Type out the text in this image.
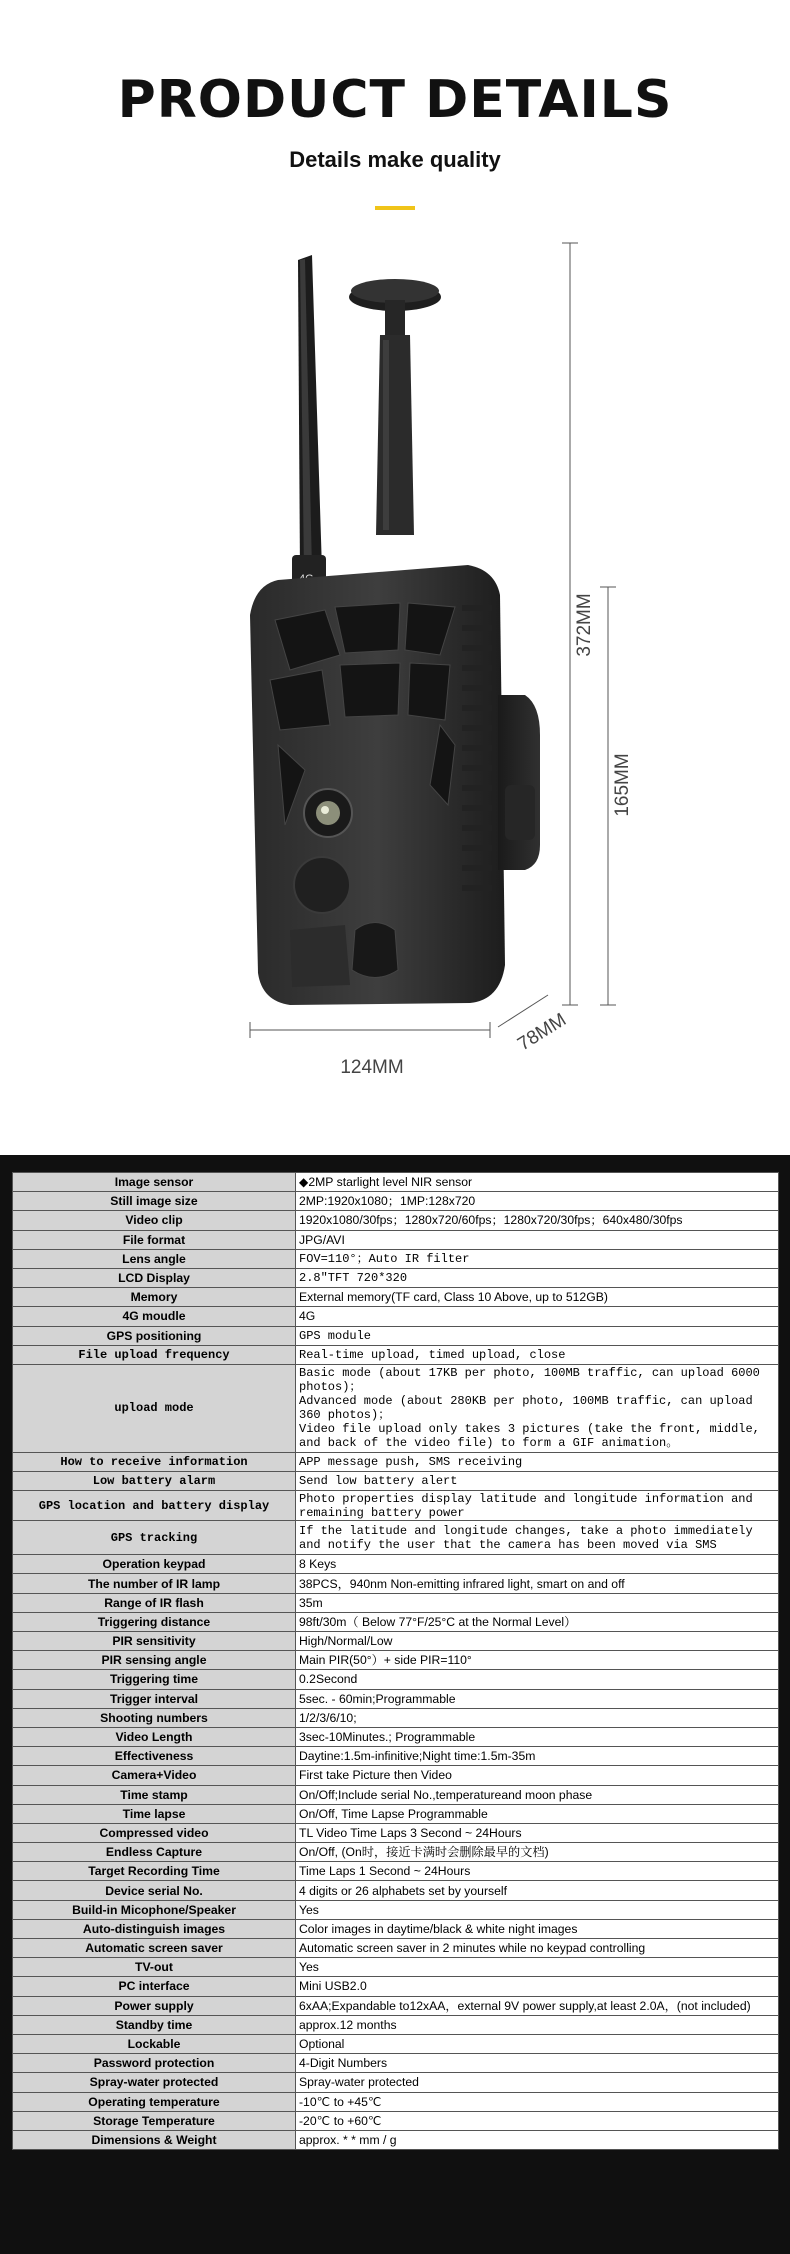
PRODUCT DETAILS
Details make quality
372MM
165MM
124MM
78MM
Image sensor	◆2MP starlight level NIR sensor
Still image size	2MP:1920x1080；1MP:128x720
Video clip	1920x1080/30fps；1280x720/60fps；1280x720/30fps；640x480/30fps
File format	JPG/AVI
Lens angle	FOV=110°；Auto IR filter
LCD Display	2.8"TFT 720*320
Memory	External memory(TF card, Class 10 Above, up to 512GB)
4G moudle	4G
GPS positioning	GPS module
File upload frequency	Real-time upload, timed upload, close
upload mode	Basic mode (about 17KB per photo, 100MB traffic, can upload 6000 photos)；
Advanced mode (about 280KB per photo, 100MB traffic, can upload 360 photos)；
Video file upload only takes 3 pictures (take the front, middle, and back of the video file) to form a GIF animation。
How to receive information	APP message push, SMS receiving
Low battery alarm	Send low battery alert
GPS location and battery display	Photo properties display latitude and longitude information and remaining battery power
GPS tracking	If the latitude and longitude changes, take a photo immediately and notify the user that the camera has been moved via SMS
Operation keypad	8 Keys
The number of IR lamp	38PCS，940nm Non-emitting infrared light, smart on and off
Range of IR flash	35m
Triggering distance	98ft/30m（ Below 77°F/25°C at the Normal Level）
PIR sensitivity	High/Normal/Low
PIR sensing angle	Main PIR(50°）+ side PIR=110°
Triggering time	0.2Second
Trigger interval	5sec. - 60min;Programmable
Shooting numbers	1/2/3/6/10;
Video Length	3sec-10Minutes.; Programmable
Effectiveness	Daytine:1.5m-infinitive;Night time:1.5m-35m
Camera+Video	First take Picture then Video
Time stamp	On/Off;Include serial No.,temperatureand moon phase
Time lapse	On/Off, Time Lapse Programmable
Compressed video	TL Video Time Laps 3 Second ~ 24Hours
Endless Capture	On/Off, (On时，接近卡满时会删除最早的文档)
Target Recording Time	Time Laps 1 Second ~ 24Hours
Device serial No.	4 digits or 26 alphabets set by yourself
Build-in Micophone/Speaker	Yes
Auto-distinguish images	Color images in daytime/black & white night images
Automatic screen saver	Automatic screen saver in 2 minutes while no keypad controlling
TV-out	Yes
PC interface	Mini USB2.0
Power supply	6xAA;Expandable to12xAA，external 9V power supply,at least 2.0A，(not included)
Standby time	approx.12 months
Lockable	Optional
Password protection	4-Digit Numbers
Spray-water protected	Spray-water protected
Operating temperature	-10℃ to +45℃
Storage Temperature	-20℃ to +60℃
Dimensions & Weight	approx. * * mm / g
